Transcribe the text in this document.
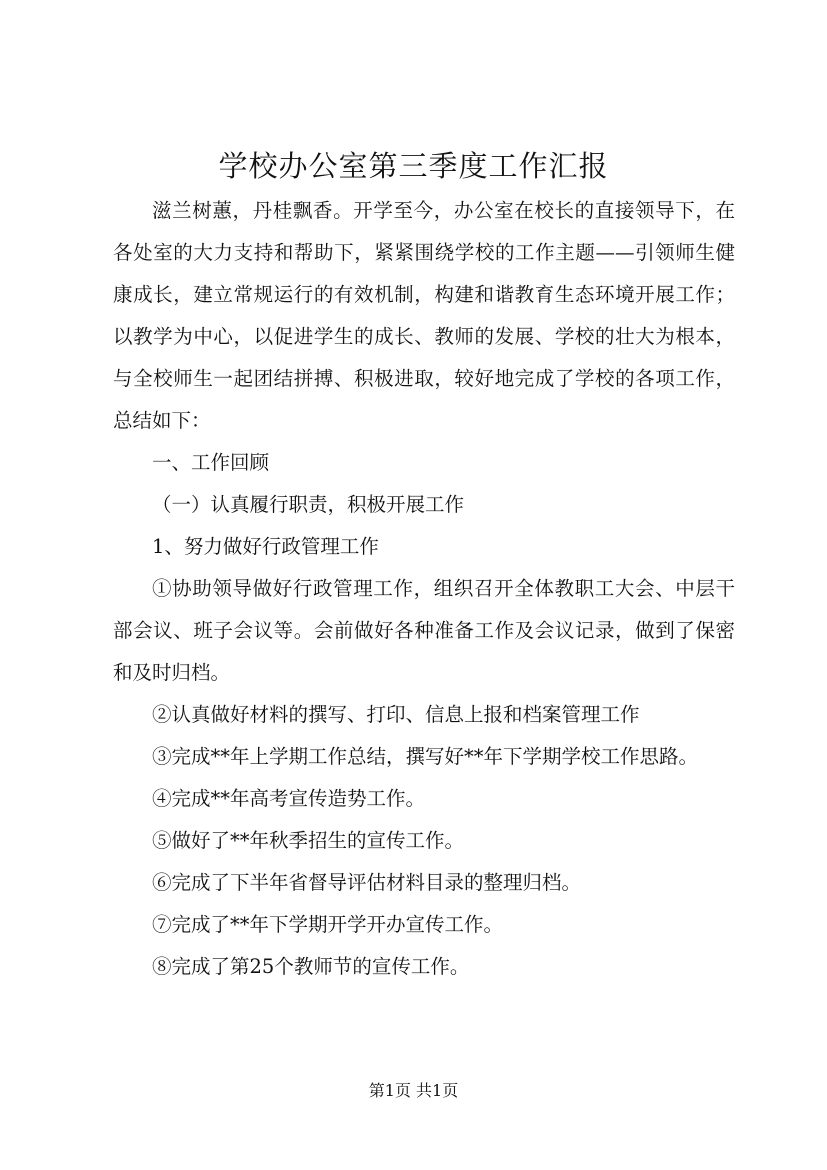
学校办公室第三季度工作汇报

滋兰树蕙，丹桂飘香。开学至今，办公室在校长的直接领导下，在各处室的大力支持和帮助下，紧紧围绕学校的工作主题——引领师生健康成长，建立常规运行的有效机制，构建和谐教育生态环境开展工作；以教学为中心，以促进学生的成长、教师的发展、学校的壮大为根本，与全校师生一起团结拼搏、积极进取，较好地完成了学校的各项工作，总结如下：

一、工作回顾

（一）认真履行职责，积极开展工作

1、努力做好行政管理工作

①协助领导做好行政管理工作，组织召开全体教职工大会、中层干部会议、班子会议等。会前做好各种准备工作及会议记录，做到了保密和及时归档。

②认真做好材料的撰写、打印、信息上报和档案管理工作

③完成**年上学期工作总结，撰写好**年下学期学校工作思路。

④完成**年高考宣传造势工作。

⑤做好了**年秋季招生的宣传工作。

⑥完成了下半年省督导评估材料目录的整理归档。

⑦完成了**年下学期开学开办宣传工作。

⑧完成了第25个教师节的宣传工作。

第1页 共1页
